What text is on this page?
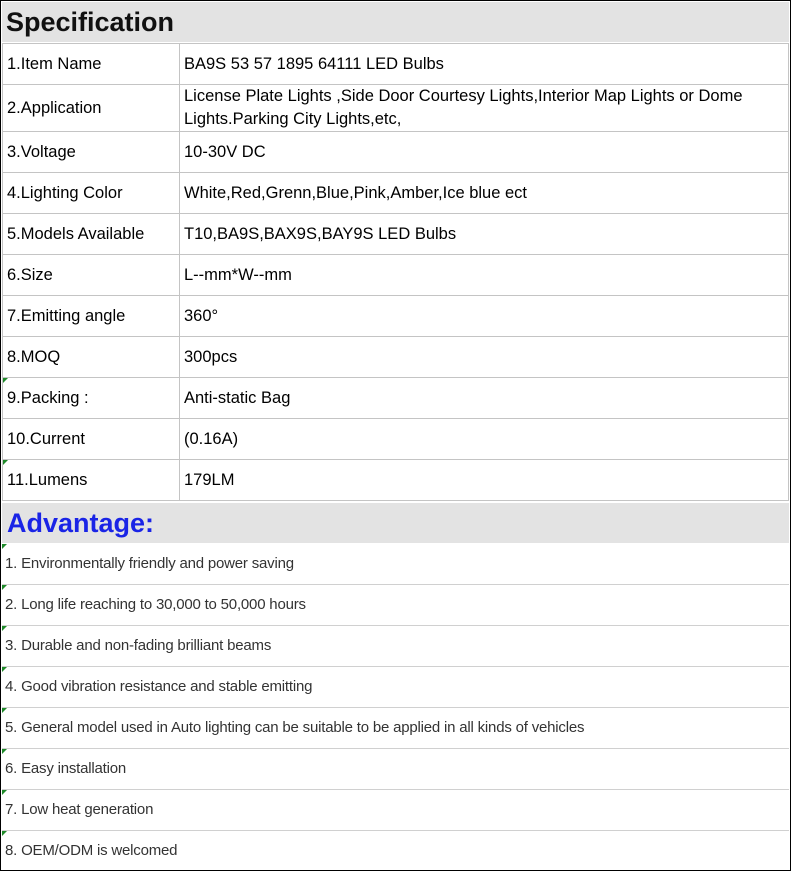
Specification
1.Item Name	BA9S 53 57 1895 64111 LED Bulbs
2.Application	License Plate Lights ,Side Door Courtesy Lights,Interior Map Lights or Dome Lights.Parking City Lights,etc,
3.Voltage	10-30V DC
4.Lighting Color	White,Red,Grenn,Blue,Pink,Amber,Ice blue ect
5.Models Available	T10,BA9S,BAX9S,BAY9S LED Bulbs
6.Size	L--mm*W--mm
7.Emitting angle	360°
8.MOQ	300pcs
9.Packing :	Anti-static Bag
10.Current	(0.16A)
11.Lumens	179LM
Advantage:
1. Environmentally friendly and power saving
2. Long life reaching to 30,000 to 50,000 hours
3. Durable and non-fading brilliant beams
4. Good vibration resistance and stable emitting
5. General model used in Auto lighting can be suitable to be applied in all kinds of vehicles
6. Easy installation
7. Low heat generation
8. OEM/ODM is welcomed
